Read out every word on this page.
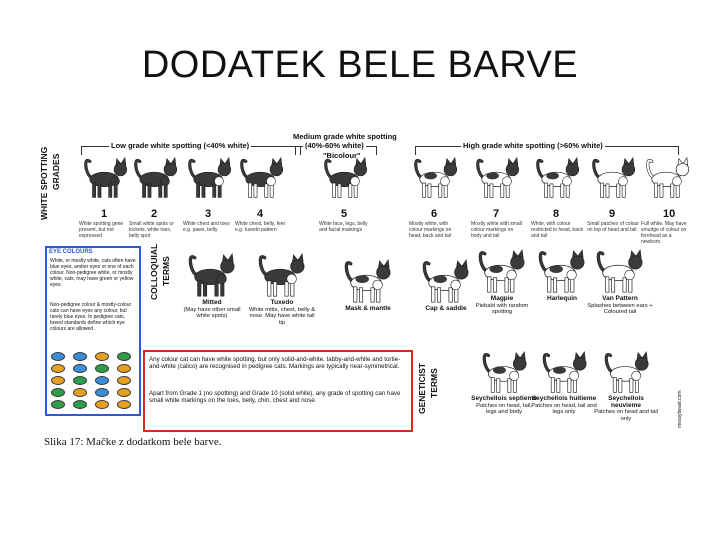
DODATEK BELE BARVE
WHITE SPOTTING GRADES
Low grade white spotting (<40% white)
Medium grade white spotting
(40%-60% white)
"Bicolour"
High grade white spotting (>60% white)
1
White spotting gene present, but not expressed
2
Small white spots or lockets, white toes, belly spot
3
White chest and toes e.g. paws, belly
4
White chest, belly, feet e.g. tuxedo pattern
5
White face, legs, belly and facial markings
6
Mostly white, with colour markings on head, back and tail
7
Mostly white with small colour markings on body and tail
8
White, with colour restricted to head, back and tail
9
Small patches of colour on top of head and tail
10
Full white. May have smudge of colour on forehead as a newborn.
EYE COLOURS
White, or mostly white, cats often have blue eyes, amber eyes or one of each colour. Non-pedigree white, or mostly white, cats, may have green or yellow eyes.
Non-pedigree colour & mostly-colour cats can have eyes any colour, but rarely blue eyes. In pedigree cats, breed standards define which eye colours are allowed.
COLLOQUIAL TERMS
Mitted
(May have other small white spots)
Tuxedo
White mitts, chest, belly & nose. May have white tail tip
Mask & mantle	Cap & saddle
Magpie
Piebald with random spotting
Harlequin	Van Pattern
Splashes between ears + Coloured tail
Any colour cat can have white spotting, but only solid-and-white, tabby-and-white and tortie-and-white (calico) are recognised in pedigree cats. Markings are typically near-symmetrical.
Apart from Grade 1 (no spotting) and Grade 10 (solid white), any grade of spotting can have small white markings on the toes, belly, chin, chest and nose.	GENETICIST TERMS
Seychellois septieme
Patches on head, tail, legs and body
Seychellois huitieme
Patches on head, tail and legs only
Seychellois neuvieme
Patches on head and tail only	messybeast.com
Slika 17: Mačke z dodatkom bele barve.
